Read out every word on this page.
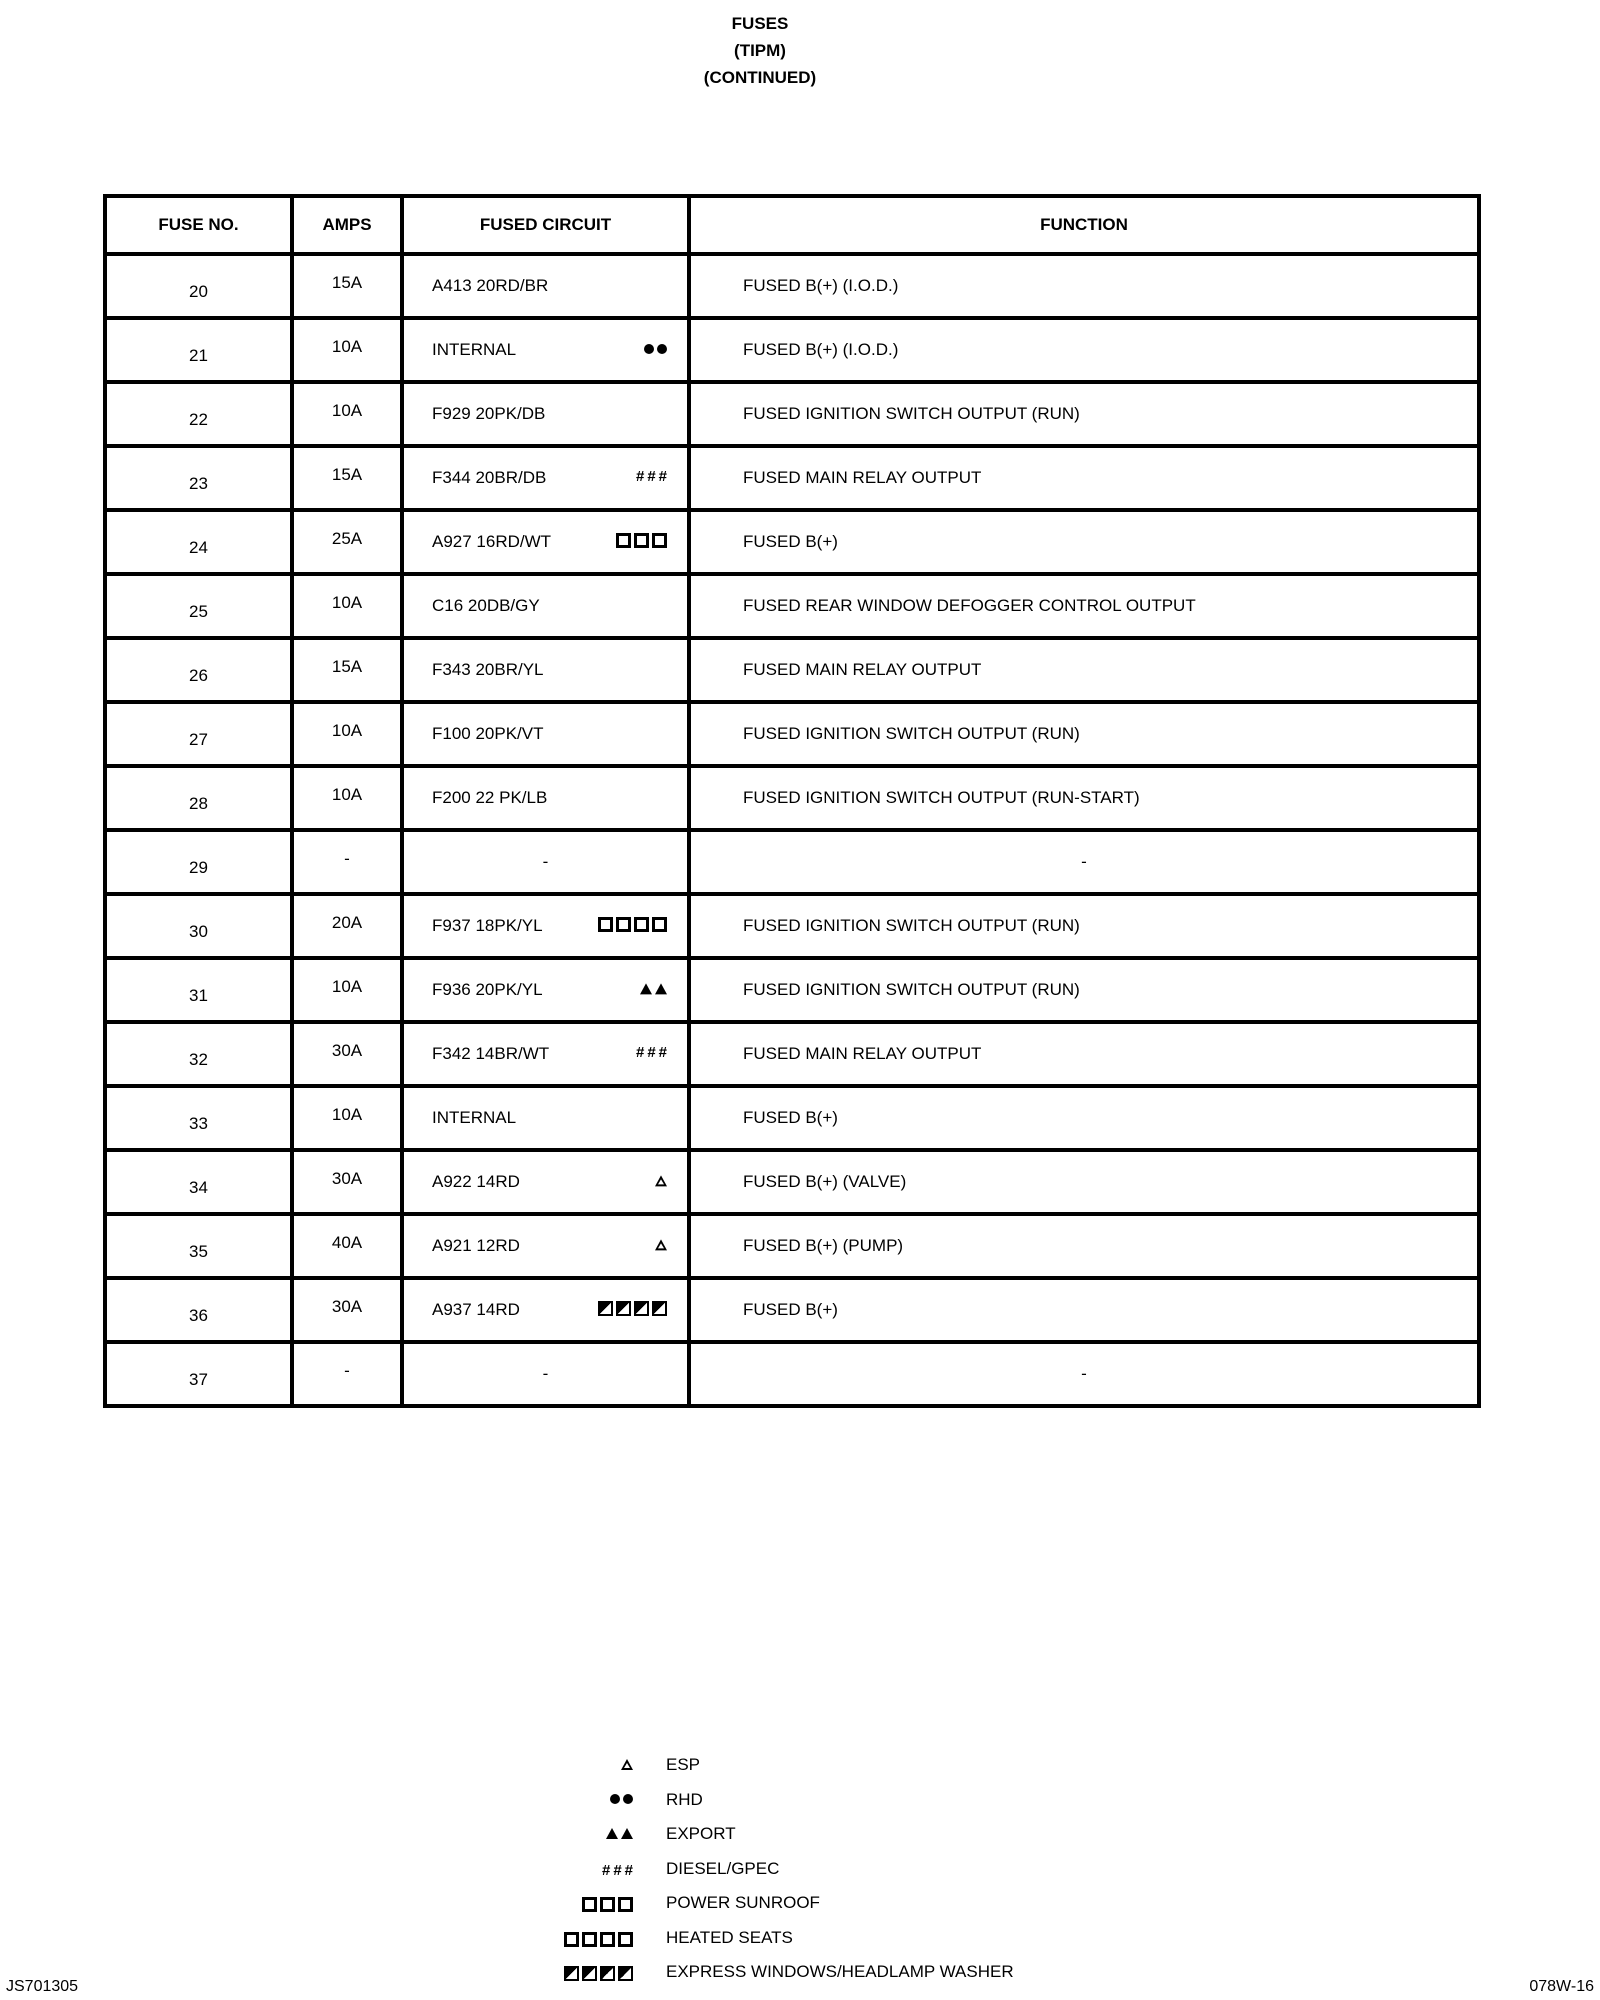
FUSES
(TIPM)
(CONTINUED)
FUSE NO.	AMPS	FUSED CIRCUIT	FUNCTION
20	15A	A413 20RD/BR	FUSED B(+) (I.O.D.)
21	10A	INTERNAL	FUSED B(+) (I.O.D.)
22	10A	F929 20PK/DB	FUSED IGNITION SWITCH OUTPUT (RUN)
23	15A	F344 20BR/DB # # #	FUSED MAIN RELAY OUTPUT
24	25A	A927 16RD/WT	FUSED B(+)
25	10A	C16 20DB/GY	FUSED REAR WINDOW DEFOGGER CONTROL OUTPUT
26	15A	F343 20BR/YL	FUSED MAIN RELAY OUTPUT
27	10A	F100 20PK/VT	FUSED IGNITION SWITCH OUTPUT (RUN)
28	10A	F200 22 PK/LB	FUSED IGNITION SWITCH OUTPUT (RUN-START)
29	-	-	-
30	20A	F937 18PK/YL	FUSED IGNITION SWITCH OUTPUT (RUN)
31	10A	F936 20PK/YL	FUSED IGNITION SWITCH OUTPUT (RUN)
32	30A	F342 14BR/WT # # #	FUSED MAIN RELAY OUTPUT
33	10A	INTERNAL	FUSED B(+)
34	30A	A922 14RD	FUSED B(+) (VALVE)
35	40A	A921 12RD	FUSED B(+) (PUMP)
36	30A	A937 14RD	FUSED B(+)
37	-	-	-
ESP
RHD
EXPORT
# # # DIESEL/GPEC
POWER SUNROOF
HEATED SEATS
EXPRESS WINDOWS/HEADLAMP WASHER
JS701305	078W-16
